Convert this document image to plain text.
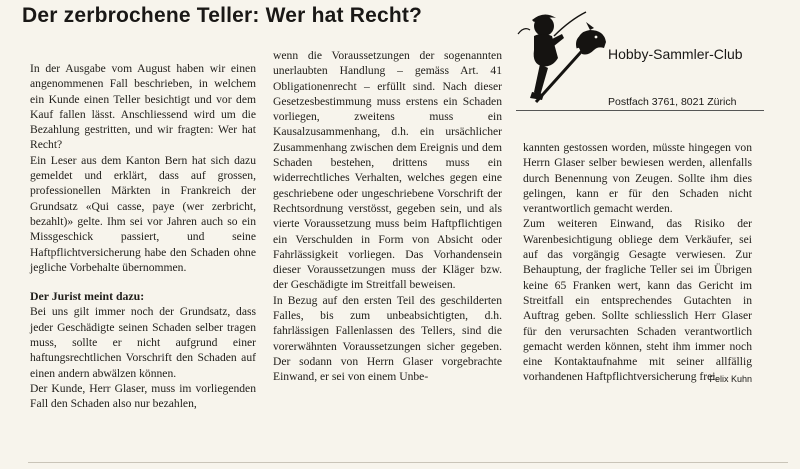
Der zerbrochene Teller: Wer hat Recht?
Hobby-Sammler-Club
Postfach 3761, 8021 Zürich

In der Ausgabe vom August haben wir einen angenommenen Fall beschrieben, in welchem ein Kunde einen Teller besichtigt und vor dem Kauf fallen lässt. Anschliessend wird um die Bezahlung gestritten, und wir fragten: Wer hat Recht?

Ein Leser aus dem Kanton Bern hat sich dazu gemeldet und erklärt, dass auf grossen, professionellen Märkten in Frankreich der Grundsatz «Qui casse, paye (wer zerbricht, bezahlt)» gelte. Ihm sei vor Jahren auch so ein Missgeschick passiert, und seine Haftpflichtversicherung habe den Schaden ohne jegliche Vorbehalte übernommen.

Der Jurist meint dazu:

Bei uns gilt immer noch der Grundsatz, dass jeder Geschädigte seinen Schaden selber tragen muss, sollte er nicht aufgrund einer haftungsrechtlichen Vorschrift den Schaden auf einen andern abwälzen können.

Der Kunde, Herr Glaser, muss im vorliegenden Fall den Schaden also nur bezahlen,

wenn die Voraussetzungen der sogenannten unerlaubten Handlung – gemäss Art. 41 Obligationenrecht – erfüllt sind. Nach dieser Gesetzesbestimmung muss erstens ein Schaden vorliegen, zweitens muss ein Kausalzusammenhang, d.h. ein ursächlicher Zusammenhang zwischen dem Ereignis und dem Schaden bestehen, drittens muss ein widerrechtliches Verhalten, welches gegen eine geschriebene oder ungeschriebene Vorschrift der Rechtsordnung verstösst, gegeben sein, und als vierte Voraussetzung muss beim Haftpflichtigen ein Verschulden in Form von Absicht oder Fahrlässigkeit vorliegen. Das Vorhandensein dieser Voraussetzungen muss der Kläger bzw. der Geschädigte im Streitfall beweisen.

In Bezug auf den ersten Teil des geschilderten Falles, bis zum unbeabsichtigten, d.h. fahrlässigen Fallenlassen des Tellers, sind die vorerwähnten Voraussetzungen sicher gegeben. Der sodann von Herrn Glaser vorgebrachte Einwand, er sei von einem Unbe-

kannten gestossen worden, müsste hingegen von Herrn Glaser selber bewiesen werden, allenfalls durch Benennung von Zeugen. Sollte ihm dies gelingen, kann er für den Schaden nicht verantwortlich gemacht werden.

Zum weiteren Einwand, das Risiko der Warenbesichtigung obliege dem Verkäufer, sei auf das vorgängig Gesagte verwiesen. Zur Behauptung, der fragliche Teller sei im Übrigen keine 65 Franken wert, kann das Gericht im Streitfall ein entsprechendes Gutachten in Auftrag geben. Sollte schliesslich Herr Glaser für den verursachten Schaden verantwortlich gemacht werden können, steht ihm immer noch eine Kontaktaufnahme mit seiner allfällig vorhandenen Haftpflichtversicherung frei.

Felix Kuhn
